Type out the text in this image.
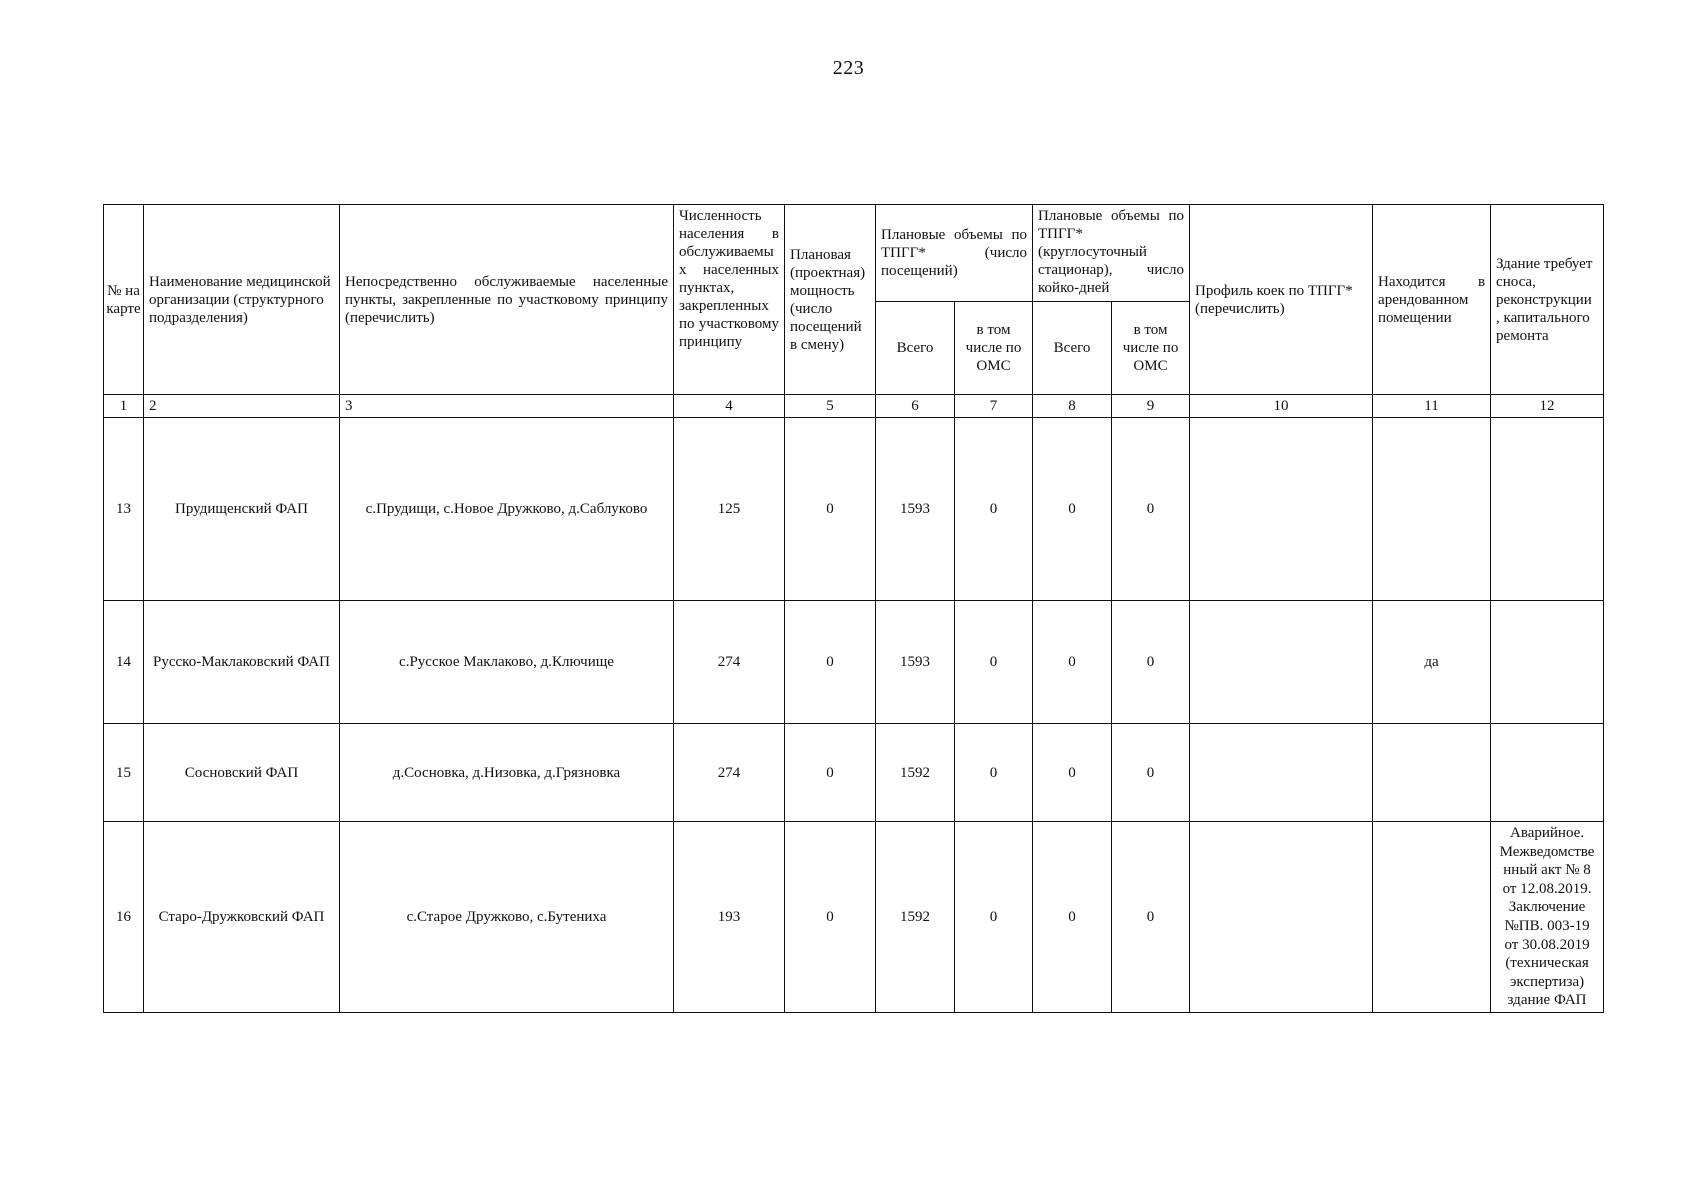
223
№ на карте	Наименование медицинской организации (структурного подразделения)	Непосредственно обслуживаемые населенные пункты, закрепленные по участковому принципу (перечислить)	Численность населения в обслуживаемых населенных пунктах, закрепленных по участковому принципу	Плановая (проектная) мощность (число посещений в смену)	Плановые объемы по ТПГГ* (число посещений)		Плановые объемы по ТПГГ* (круглосуточный стационар), число койко-дней		Профиль коек по ТПГГ* (перечислить)	Находится в арендованном помещении	Здание требует сноса, реконструкции , капитального ремонта
					Всего	в том числе по ОМС	Всего	в том числе по ОМС			
1	2	3	4	5	6	7	8	9	10	11	12
13	Прудищенский ФАП	с.Прудищи, с.Новое Дружково, д.Саблуково	125	0	1593	0	0	0			
14	Русско-Маклаковский ФАП	с.Русское Маклаково, д.Ключище	274	0	1593	0	0	0		да	
15	Сосновский ФАП	д.Сосновка, д.Низовка, д.Грязновка	274	0	1592	0	0	0			
16	Старо-Дружковский ФАП	с.Старое Дружково, с.Бутениха	193	0	1592	0	0	0			Аварийное. Межведомственный акт № 8 от 12.08.2019. Заключение №ПВ. 003-19 от 30.08.2019 (техническая экспертиза) здание ФАП
